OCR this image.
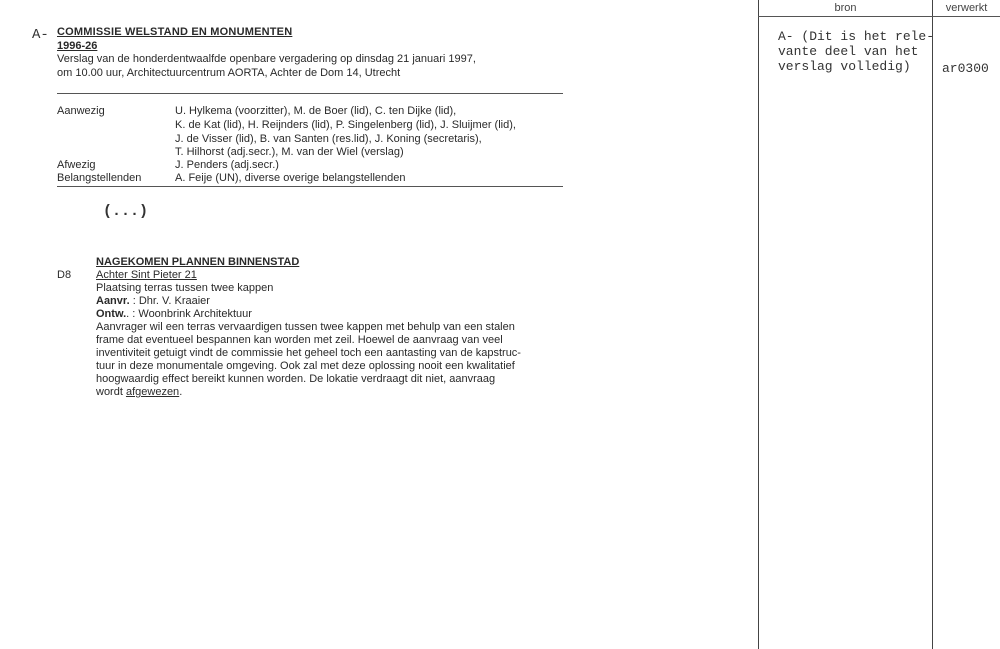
A- COMMISSIE WELSTAND EN MONUMENTEN
1996-26
Verslag van de honderdentwaalfde openbare vergadering op dinsdag 21 januari 1997,
om 10.00 uur, Architectuurcentrum AORTA, Achter de Dom 14, Utrecht
Aanwezig	U. Hylkema (voorzitter), M. de Boer (lid), C. ten Dijke (lid),
K. de Kat (lid), H. Reijnders (lid), P. Singelenberg (lid), J. Sluijmer (lid),
J. de Visser (lid), B. van Santen (res.lid), J. Koning (secretaris),
T. Hilhorst (adj.secr.), M. van der Wiel (verslag)
Afwezig	J. Penders (adj.secr.)
Belangstellenden	A. Feije (UN), diverse overige belangstellenden
(...)
NAGEKOMEN PLANNEN BINNENSTAD
D8 Achter Sint Pieter 21
Plaatsing terras tussen twee kappen
Aanvr. : Dhr. V. Kraaier
Ontw.. : Woonbrink Architektuur
Aanvrager wil een terras vervaardigen tussen twee kappen met behulp van een stalen
frame dat eventueel bespannen kan worden met zeil. Hoewel de aanvraag van veel
inventiviteit getuigt vindt de commissie het geheel toch een aantasting van de kapstruc-
tuur in deze monumentale omgeving. Ook zal met deze oplossing nooit een kwalitatief
hoogwaardig effect bereikt kunnen worden. De lokatie verdraagt dit niet, aanvraag
wordt afgewezen.
bron	verwerkt
A- (Dit is het rele-
vante deel van het
verslag volledig) ar0300
